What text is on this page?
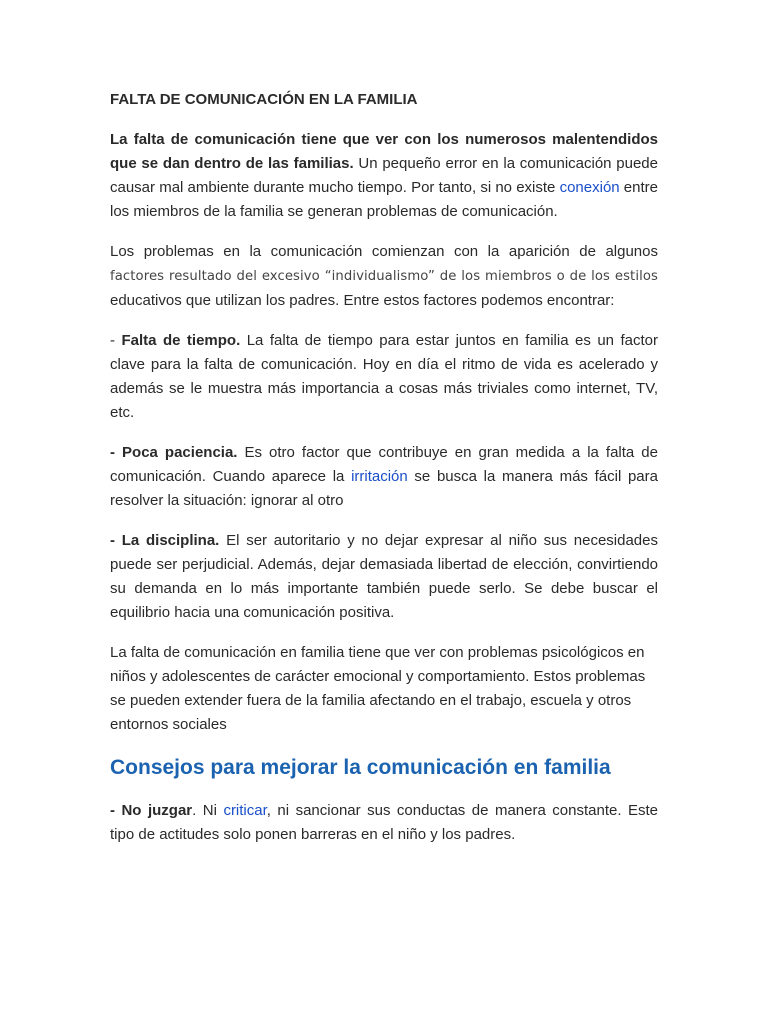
FALTA DE COMUNICACIÓN EN LA FAMILIA

La falta de comunicación tiene que ver con los numerosos malentendidos que se dan dentro de las familias. Un pequeño error en la comunicación puede causar mal ambiente durante mucho tiempo. Por tanto, si no existe conexión entre los miembros de la familia se generan problemas de comunicación.

Los problemas en la comunicación comienzan con la aparición de algunos factores resultado del excesivo “individualismo” de los miembros o de los estilos educativos que utilizan los padres. Entre estos factores podemos encontrar:

- Falta de tiempo. La falta de tiempo para estar juntos en familia es un factor clave para la falta de comunicación. Hoy en día el ritmo de vida es acelerado y además se le muestra más importancia a cosas más triviales como internet, TV, etc.

- Poca paciencia. Es otro factor que contribuye en gran medida a la falta de comunicación. Cuando aparece la irritación se busca la manera más fácil para resolver la situación: ignorar al otro

- La disciplina. El ser autoritario y no dejar expresar al niño sus necesidades puede ser perjudicial. Además, dejar demasiada libertad de elección, convirtiendo su demanda en lo más importante también puede serlo. Se debe buscar el equilibrio hacia una comunicación positiva.

La falta de comunicación en familia tiene que ver con problemas psicológicos en niños y adolescentes de carácter emocional y comportamiento. Estos problemas se pueden extender fuera de la familia afectando en el trabajo, escuela y otros entornos sociales

Consejos para mejorar la comunicación en familia

- No juzgar. Ni criticar, ni sancionar sus conductas de manera constante. Este tipo de actitudes solo ponen barreras en el niño y los padres.
